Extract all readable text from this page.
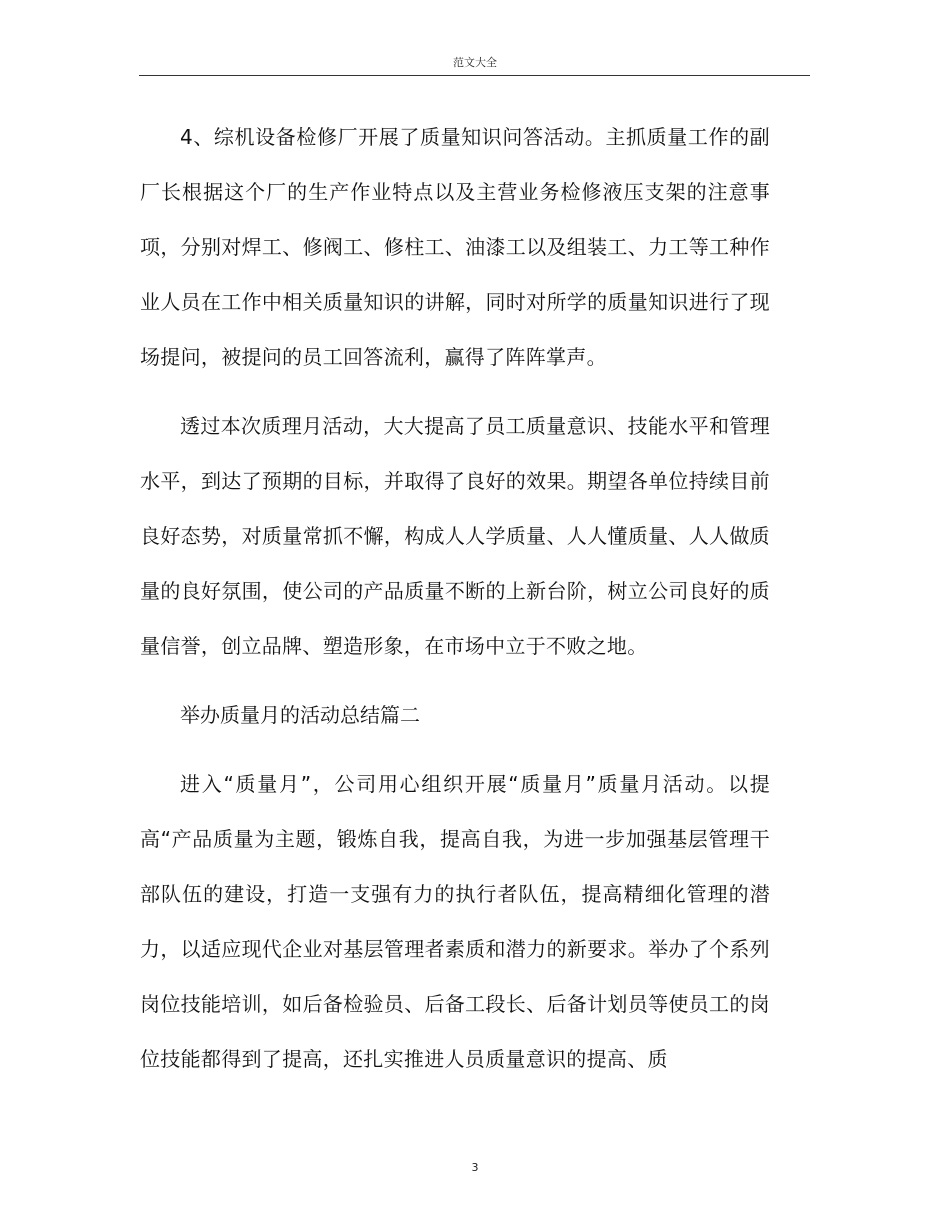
范文大全

4、综机设备检修厂开展了质量知识问答活动。主抓质量工作的副厂长根据这个厂的生产作业特点以及主营业务检修液压支架的注意事项，分别对焊工、修阀工、修柱工、油漆工以及组装工、力工等工种作业人员在工作中相关质量知识的讲解，同时对所学的质量知识进行了现场提问，被提问的员工回答流利，赢得了阵阵掌声。

透过本次质理月活动，大大提高了员工质量意识、技能水平和管理水平，到达了预期的目标，并取得了良好的效果。期望各单位持续目前良好态势，对质量常抓不懈，构成人人学质量、人人懂质量、人人做质量的良好氛围，使公司的产品质量不断的上新台阶，树立公司良好的质量信誉，创立品牌、塑造形象，在市场中立于不败之地。

举办质量月的活动总结篇二

进入“质量月”，公司用心组织开展“质量月”质量月活动。以提高“产品质量为主题，锻炼自我，提高自我，为进一步加强基层管理干部队伍的建设，打造一支强有力的执行者队伍，提高精细化管理的潜力，以适应现代企业对基层管理者素质和潜力的新要求。举办了个系列岗位技能培训，如后备检验员、后备工段长、后备计划员等使员工的岗位技能都得到了提高，还扎实推进人员质量意识的提高、质

3
